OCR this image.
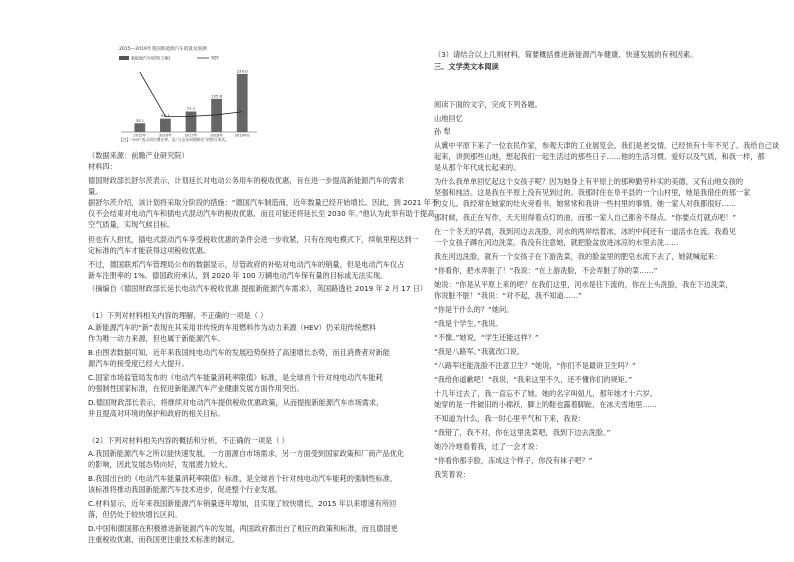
2015—2019年我国新能源汽车销量及预测
新能源汽车销售(万辆)	YOY
33.1
50.7
77.7
125.6
220.0
2015年	2016年	2017年	2018年	2019年E
【注】“YOY”表示同比增长率，是“与去年同期相比”的简写形式。
（数据来源：前瞻产业研究院）
材料四：
德国财政部长舒尔茨表示，计划延长对电动公务用车的税收优惠，旨在进一步提高新能源汽车的需求
量。
据舒尔茨介绍，该计划将采取分阶段的措施：“德国汽车制造商，近年数量已经开始增长。因此，到 2021 年不
仅不会结束对电动汽车和插电式混动汽车的税收优惠，而且可能还将延长至 2030 年。”他认为此举有助于提高
空气质量，实现气候目标。
但也有人担忧，插电式混动汽车享受税收优惠的条件会进一步收紧，只有在纯电模式下，续航里程达到一
定标准的汽车才能获得这项税收优惠。
不过，德国联邦汽车管理局公布的数据显示，尽管政府的补贴对电动汽车的销量，但是电动汽车仅占
新车注册率的 1%。德国政府承认，到 2020 年 100 万辆电动汽车保有量的目标或无法实现。
（摘编自《德国财政部长延长电动汽车税收优惠 提振新能源汽车需求》，英国路透社 2019 年 2 月 17 日）
（1）下列对材料相关内容的理解，不正确的一项是（ ）
A.新能源汽车的“新”表现在其采用非传统的车用燃料作为动力来源（HEV）仍采用传统燃料
作为唯一动力来源，但也属于新能源汽车。
B.由图表数据可知，近年来我国纯电动汽车的发展趋势保持了高速增长态势，而且消费者对新能
源汽车的接受度已经大大提升。
C.国家市场监管局发布的《电动汽车能量消耗率限值》标准，是全球首个针对纯电动汽车能耗
的强制性国家标准，在促进新能源汽车产业健康发展方面作用突出。
D.德国财政部长表示，将继续对电动汽车提供税收优惠政策，从而提振新能源汽车市场需求，
并且提高对环境的保护和政府的相关目标。
（2）下列对材料相关内容的概括和分析，不正确的一项是（ ）
A.我国新能源汽车之所以能快速发展，一方面源自市场需求，另一方面受到国家政策和厂商产品优化
的影响，因此发展态势向好，发展潜力较大。
B.我国出台的《电动汽车能量消耗率限值》标准，是全球首个针对纯电动汽车能耗的强制性标准，
该标准将推动我国新能源汽车技术进步，促进整个行业发展。
C.材料显示，近年来我国新能源汽车销量逐年增加，且实现了较快增长，2015 年以来增速有所回
落，但仍处于较快增长区间。
D.中国和德国都在积极推进新能源汽车的发展，两国政府都出台了相应的政策和标准，而且德国更
注重税收优惠，而我国更注重技术标准的制定。
（3）请结合以上几则材料，简要概括推进新能源汽车健康、快速发展的有利因素。
三、文学类文本阅读
阅读下面的文字，完成下列各题。
山地回忆
孙 犁
从冀中平原下来了一位农民作家，参观天津的工业展览会。我们是老交情，已经快有十年不见了。我给自己谈
起来，讲到那些山地，想起我们一起生活过的那些日子……他的生活习惯、爱好以及气质，和我一样，都
是从那个年代成长起来的。
为什么我单单回忆起这个女孩子呢？因为她身上有平原上的那种勤劳朴实的美德，又有山地女孩的
坚强和纯洁。这是我在平原上没有见到过的。我那时住在阜平县的一个山村里，她是我借住的那一家
的女儿。我经常在她家的灶火旁看书，她常常和我讲一些村里的事情。她一家人对我都很好……
那时候，我正在写作，天天用得着点灯的油，而那一家人自己都舍不得点。“你要点灯就点吧！”
在一个冬天的早晨，我到河边去洗脸，河水的两岸结着冰，冰的中间还有一道活水在流。我看见
一个女孩子蹲在河边洗菜。我没有注意她，就把脸盆放进冰凉的水里去洗……
我在河边洗脸，就有一个女孩子在下游洗菜，我的脸盆里的肥皂水流下去了，她就喊起来：
“你看你，把水弄脏了！”我说：“在上游洗脸，不会弄脏了你的菜……”
她说：“你是从平原上来的吧？在我们这里，河水是往下流的，你在上头洗脸，我在下边洗菜，
你说脏不脏！”我说：“对不起，我不知道……”
“你是干什么的？”她问。
“我是个学生。”我说。
“不像。”她说，“学生还能这样？”
“我是八路军。”我就改口说。
“八路军还能洗脸不注意卫生？”她说，“你们不是最讲卫生吗？”
“我给你道歉吧！”我说，“我来这里不久，还不懂你们的规矩。”
十几年过去了，我一直忘不了她。她的名字叫妞儿，那年她才十六岁。
她穿的是一件破旧的小棉袄，脚上的鞋也露着脚趾，在冰天雪地里……
不知道为什么，我一时心里平气和下来，我说：
“我错了，我不对，你在这里洗菜吧，我到下边去洗脸。”
她冷冷地看着我，过了一会才说：
“你看你那手脸，冻成这个样子，你没有袜子吧？”
我笑着说：
